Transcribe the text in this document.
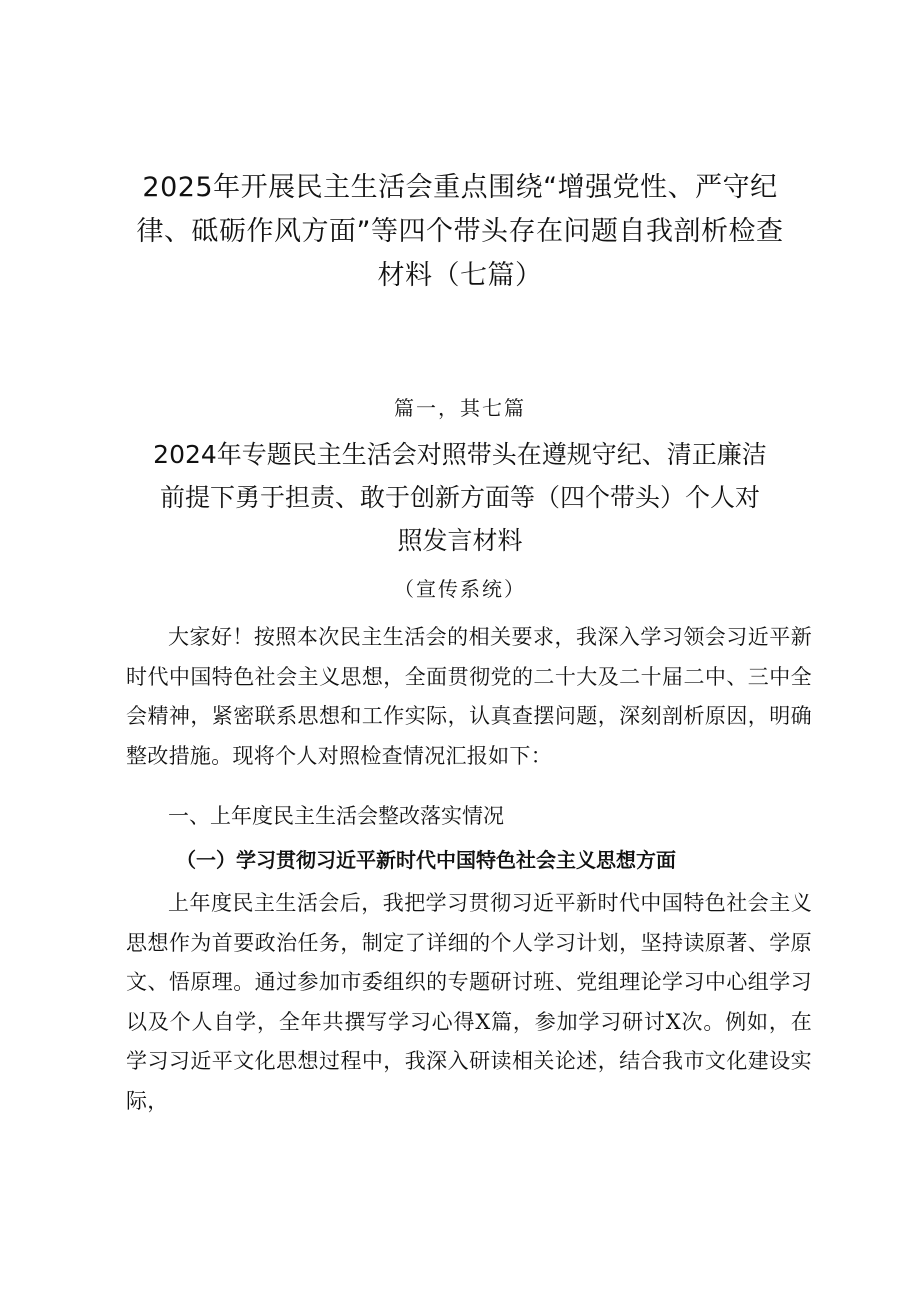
2025年开展民主生活会重点围绕“增强党性、严守纪律、砥砺作风方面”等四个带头存在问题自我剖析检查材料（七篇）

篇一，其七篇

2024年专题民主生活会对照带头在遵规守纪、清正廉洁前提下勇于担责、敢于创新方面等（四个带头）个人对照发言材料

（宣传系统）

大家好！按照本次民主生活会的相关要求，我深入学习领会习近平新时代中国特色社会主义思想，全面贯彻党的二十大及二十届二中、三中全会精神，紧密联系思想和工作实际，认真查摆问题，深刻剖析原因，明确整改措施。现将个人对照检查情况汇报如下：

一、上年度民主生活会整改落实情况
（一）学习贯彻习近平新时代中国特色社会主义思想方面

上年度民主生活会后，我把学习贯彻习近平新时代中国特色社会主义思想作为首要政治任务，制定了详细的个人学习计划，坚持读原著、学原文、悟原理。通过参加市委组织的专题研讨班、党组理论学习中心组学习以及个人自学，全年共撰写学习心得X篇，参加学习研讨X次。例如，在学习习近平文化思想过程中，我深入研读相关论述，结合我市文化建设实际，
